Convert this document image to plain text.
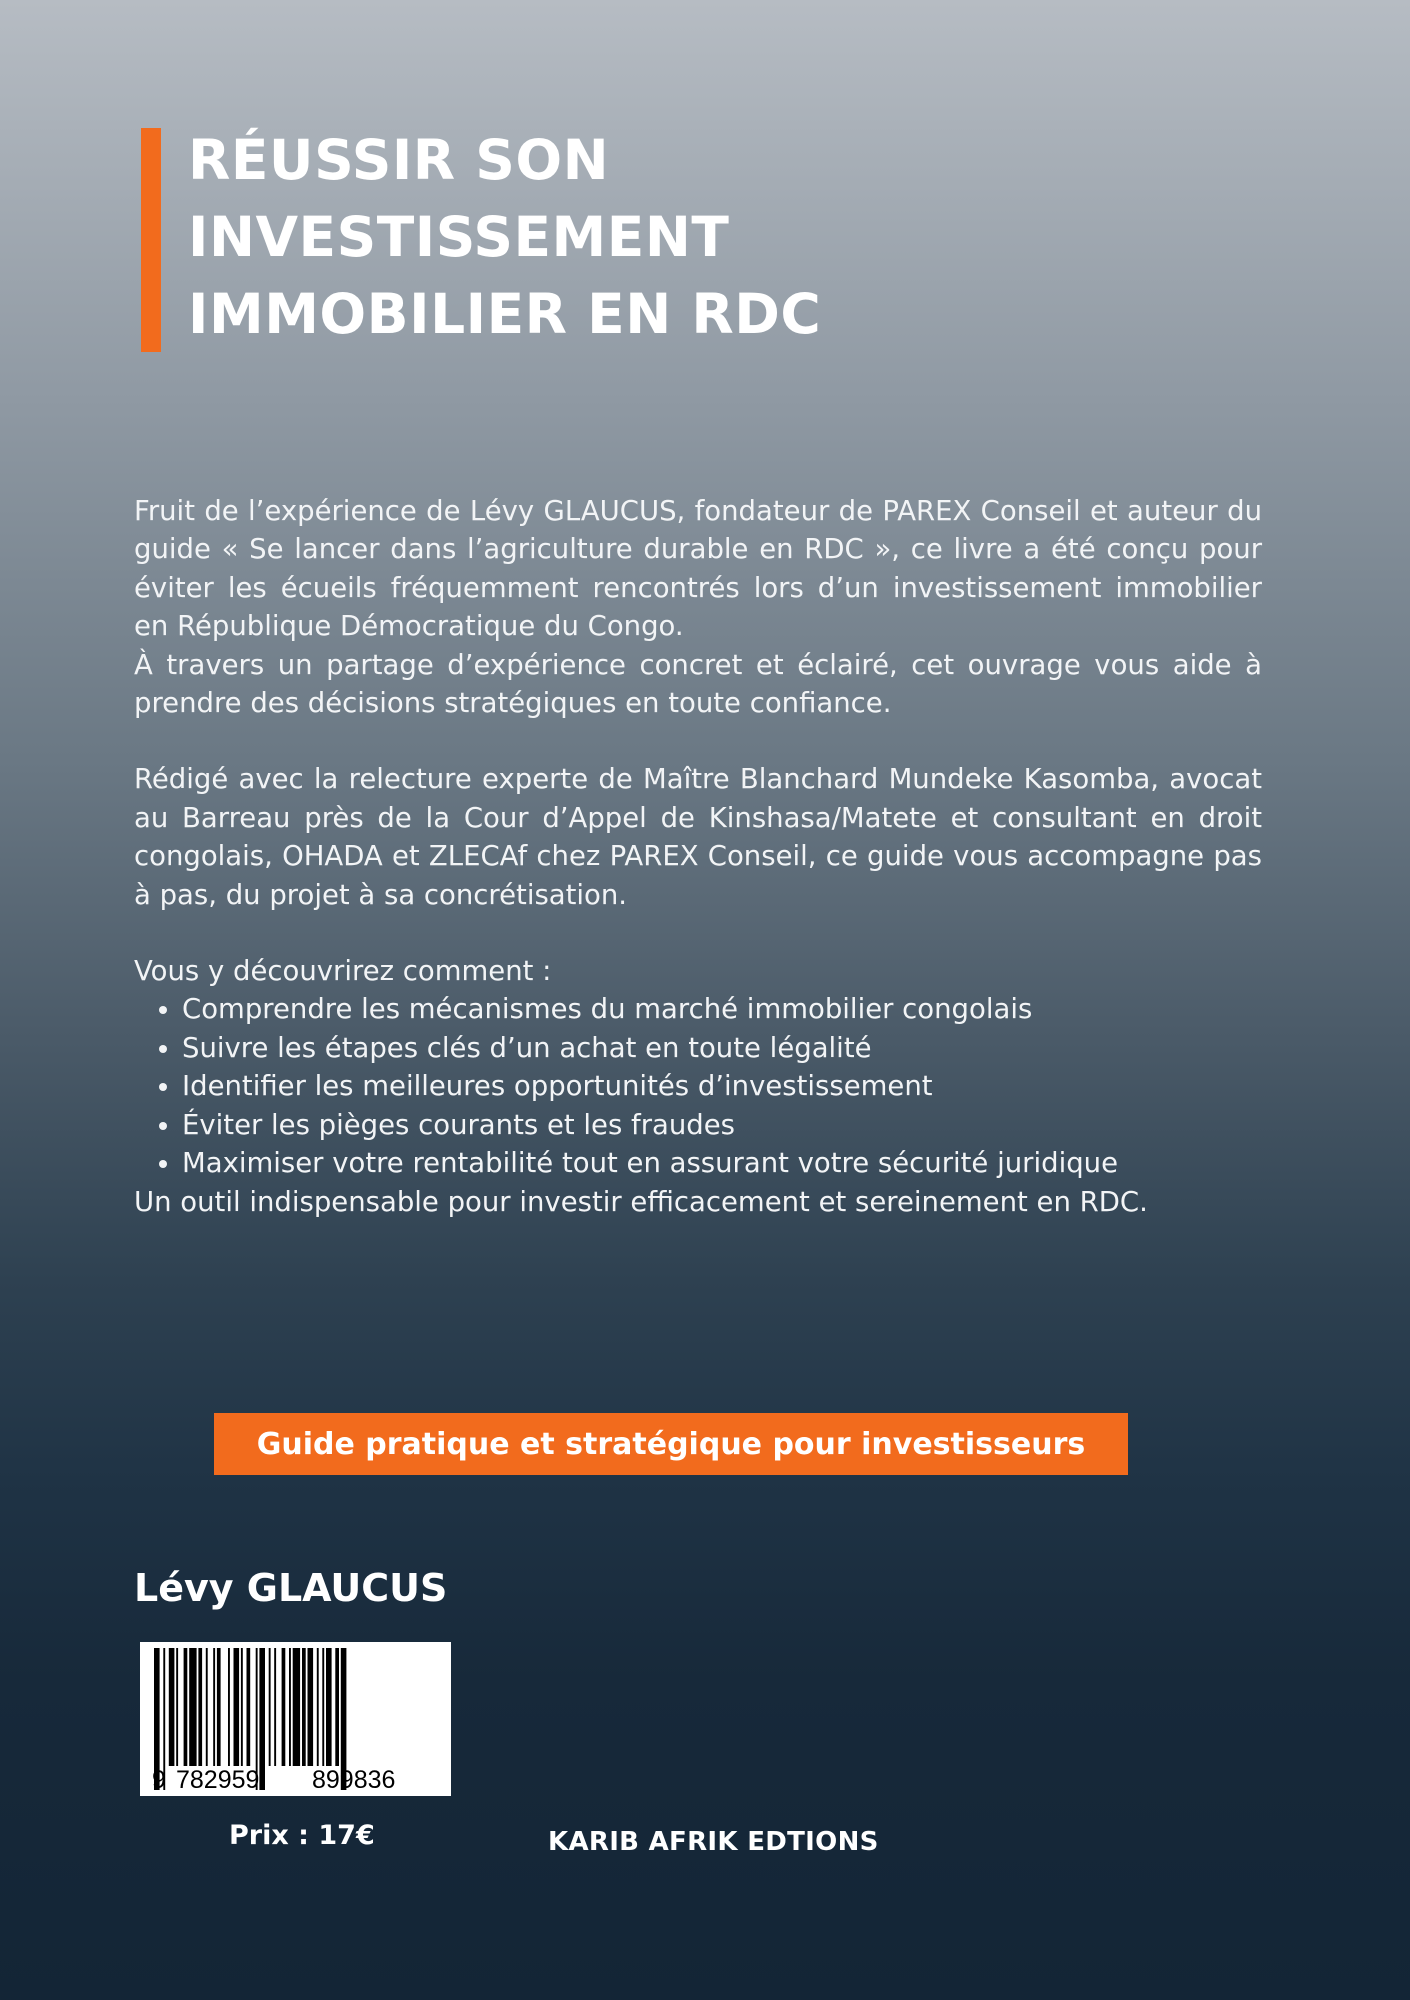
RÉUSSIR SON
INVESTISSEMENT
IMMOBILIER EN RDC

Fruit de l’expérience de Lévy GLAUCUS, fondateur de PAREX Conseil et auteur du guide « Se lancer dans l’agriculture durable en RDC », ce livre a été conçu pour éviter les écueils fréquemment rencontrés lors d’un investissement immobilier en République Démocratique du Congo.

À travers un partage d’expérience concret et éclairé, cet ouvrage vous aide à prendre des décisions stratégiques en toute confiance.

Rédigé avec la relecture experte de Maître Blanchard Mundeke Kasomba, avocat au Barreau près de la Cour d’Appel de Kinshasa/Matete et consultant en droit congolais, OHADA et ZLECAf chez PAREX Conseil, ce guide vous accompagne pas à pas, du projet à sa concrétisation.

Vous y découvrirez comment :

• Comprendre les mécanismes du marché immobilier congolais
• Suivre les étapes clés d’un achat en toute légalité
• Identifier les meilleures opportunités d’investissement
• Éviter les pièges courants et les fraudes
• Maximiser votre rentabilité tout en assurant votre sécurité juridique

Un outil indispensable pour investir efficacement et sereinement en RDC.

Guide pratique et stratégique pour investisseurs
Lévy GLAUCUS
9 782959 899836
Prix : 17€	KARIB AFRIK EDTIONS
